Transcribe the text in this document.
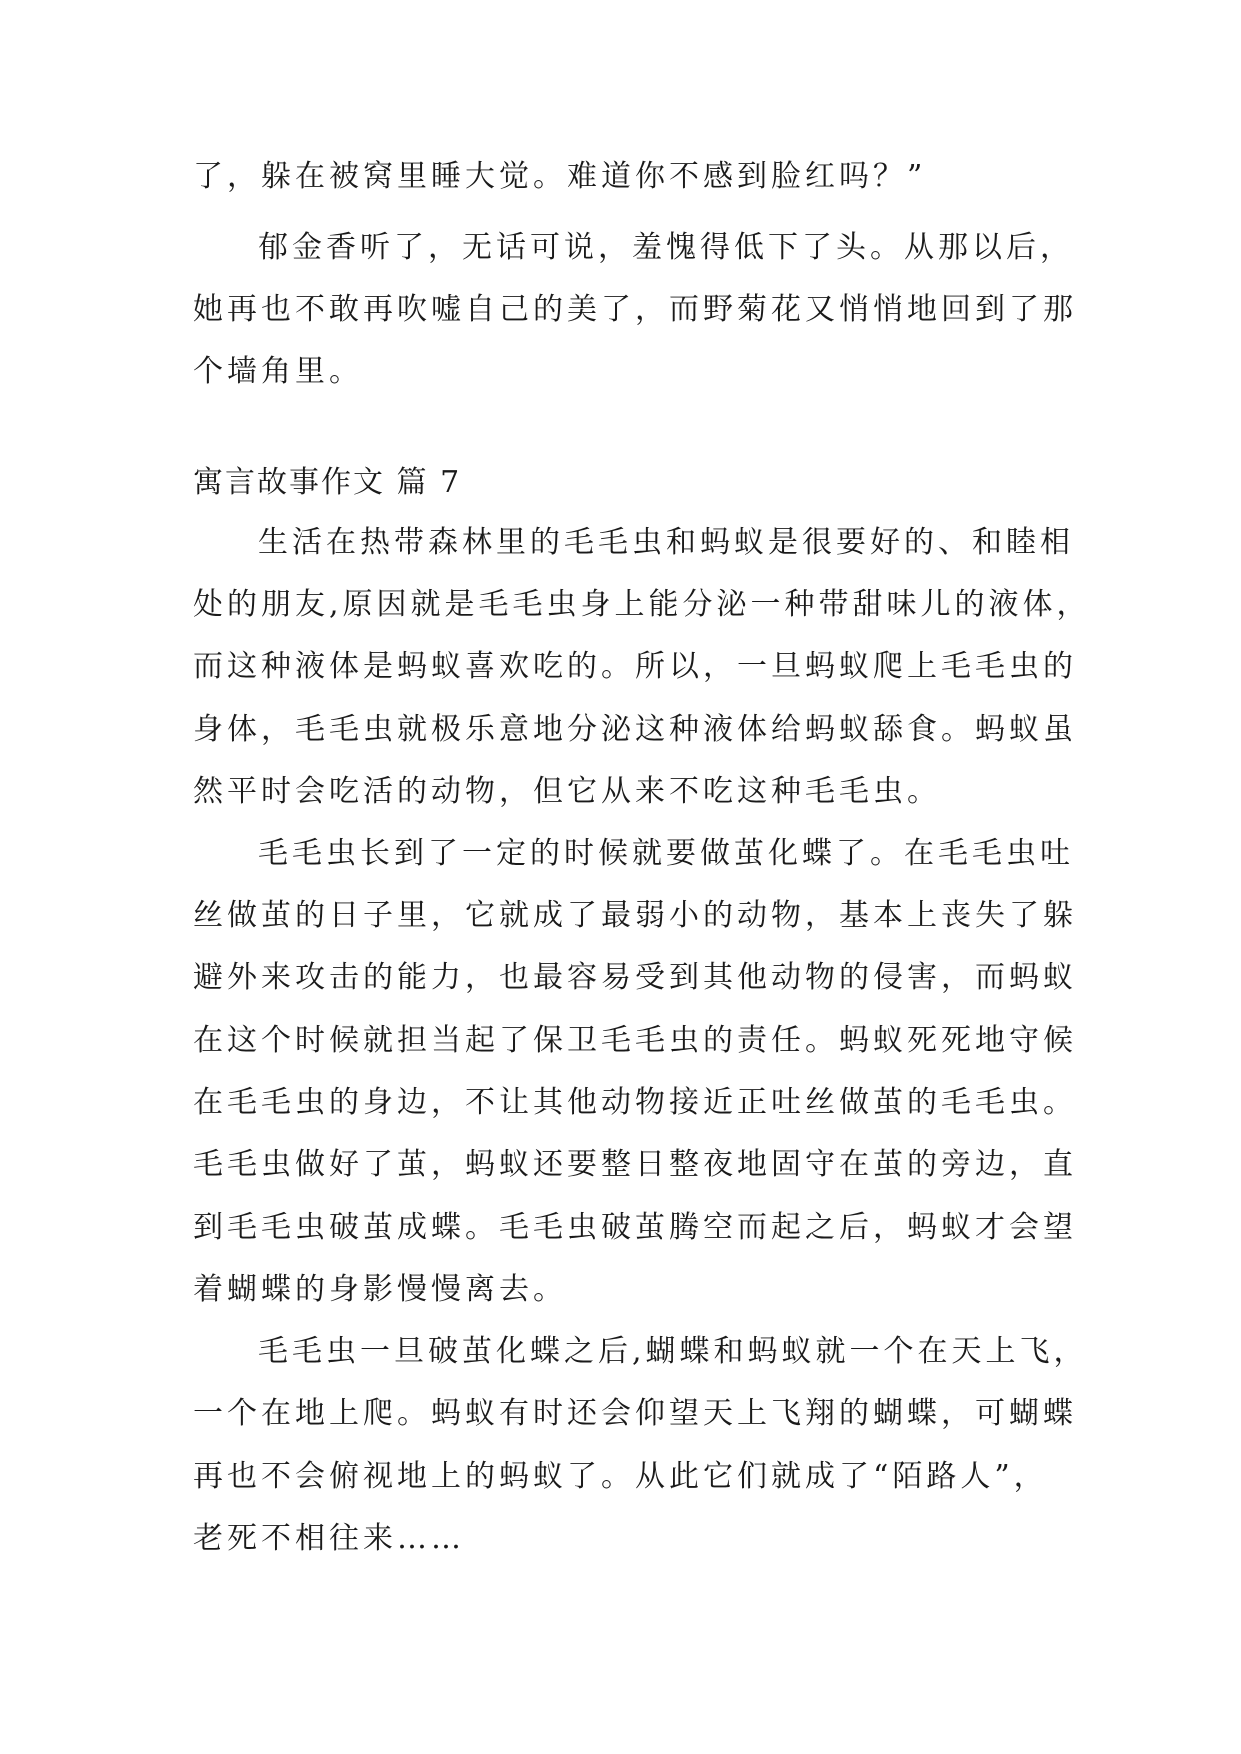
了，躲在被窝里睡大觉。难道你不感到脸红吗？”
郁金香听了，无话可说，羞愧得低下了头。从那以后，
她再也不敢再吹嘘自己的美了，而野菊花又悄悄地回到了那
个墙角里。
寓言故事作文 篇 7
生活在热带森林里的毛毛虫和蚂蚁是很要好的、和睦相
处的朋友,原因就是毛毛虫身上能分泌一种带甜味儿的液体，
而这种液体是蚂蚁喜欢吃的。所以，一旦蚂蚁爬上毛毛虫的
身体，毛毛虫就极乐意地分泌这种液体给蚂蚁舔食。蚂蚁虽
然平时会吃活的动物，但它从来不吃这种毛毛虫。
毛毛虫长到了一定的时候就要做茧化蝶了。在毛毛虫吐
丝做茧的日子里，它就成了最弱小的动物，基本上丧失了躲
避外来攻击的能力，也最容易受到其他动物的侵害，而蚂蚁
在这个时候就担当起了保卫毛毛虫的责任。蚂蚁死死地守候
在毛毛虫的身边，不让其他动物接近正吐丝做茧的毛毛虫。
毛毛虫做好了茧，蚂蚁还要整日整夜地固守在茧的旁边，直
到毛毛虫破茧成蝶。毛毛虫破茧腾空而起之后，蚂蚁才会望
着蝴蝶的身影慢慢离去。
毛毛虫一旦破茧化蝶之后,蝴蝶和蚂蚁就一个在天上飞，
一个在地上爬。蚂蚁有时还会仰望天上飞翔的蝴蝶，可蝴蝶
再也不会俯视地上的蚂蚁了。从此它们就成了“陌路人”，
老死不相往来……
